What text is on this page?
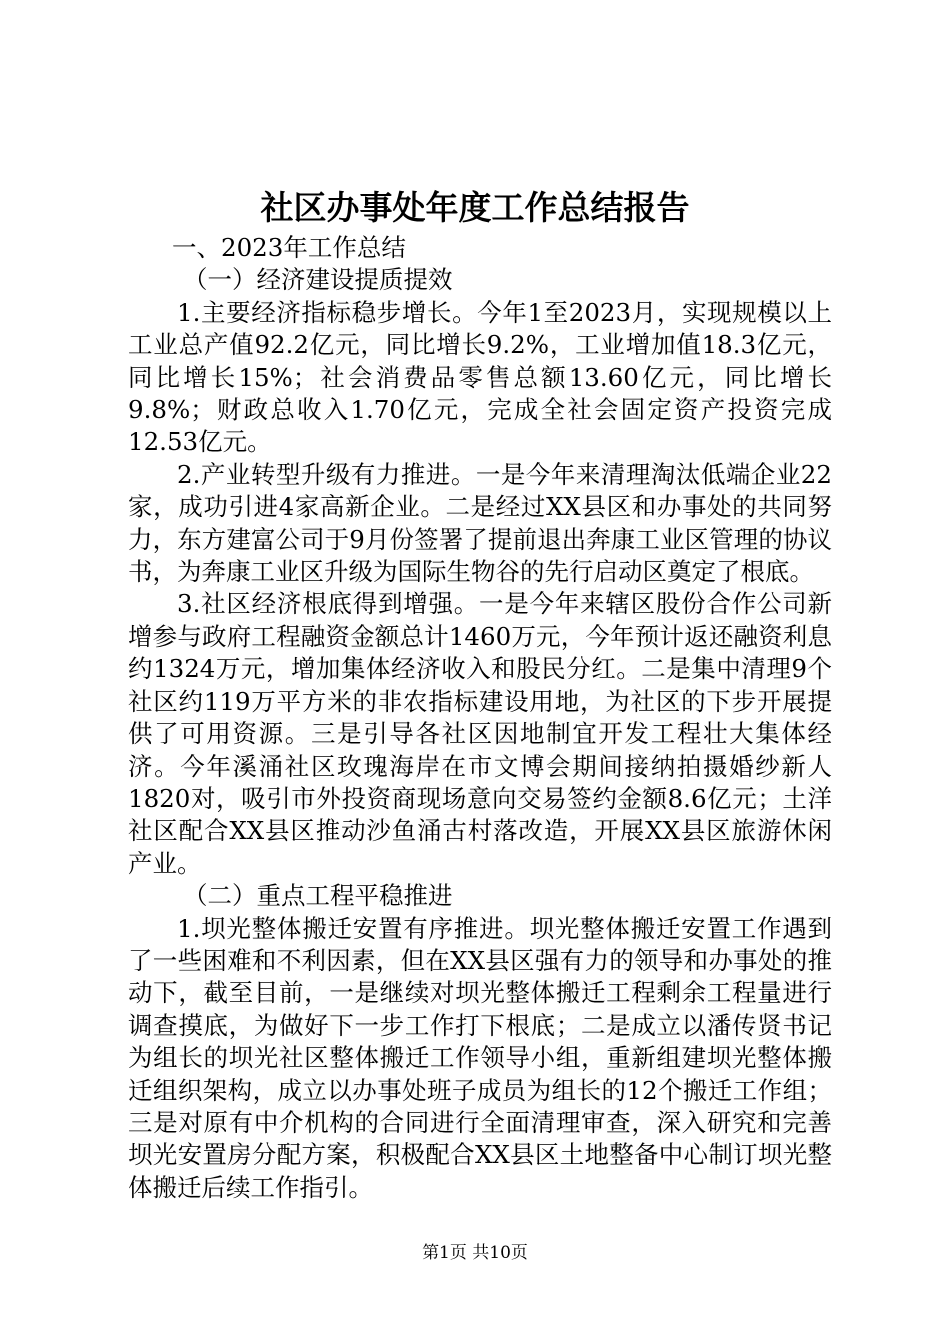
社区办事处年度工作总结报告

一、2023年工作总结

（一）经济建设提质提效

1.主要经济指标稳步增长。今年1至2023月，实现规模以上工业总产值92.2亿元，同比增长9.2%，工业增加值18.3亿元，同比增长15%；社会消费品零售总额13.60亿元，同比增长9.8%；财政总收入1.70亿元，完成全社会固定资产投资完成12.53亿元。

2.产业转型升级有力推进。一是今年来清理淘汰低端企业22家，成功引进4家高新企业。二是经过XX县区和办事处的共同努力，东方建富公司于9月份签署了提前退出奔康工业区管理的协议书，为奔康工业区升级为国际生物谷的先行启动区奠定了根底。

3.社区经济根底得到增强。一是今年来辖区股份合作公司新增参与政府工程融资金额总计1460万元，今年预计返还融资利息约1324万元，增加集体经济收入和股民分红。二是集中清理9个社区约119万平方米的非农指标建设用地，为社区的下步开展提供了可用资源。三是引导各社区因地制宜开发工程壮大集体经济。今年溪涌社区玫瑰海岸在市文博会期间接纳拍摄婚纱新人1820对，吸引市外投资商现场意向交易签约金额8.6亿元；土洋社区配合XX县区推动沙鱼涌古村落改造，开展XX县区旅游休闲产业。

（二）重点工程平稳推进

1.坝光整体搬迁安置有序推进。坝光整体搬迁安置工作遇到了一些困难和不利因素，但在XX县区强有力的领导和办事处的推动下，截至目前，一是继续对坝光整体搬迁工程剩余工程量进行调查摸底，为做好下一步工作打下根底；二是成立以潘传贤书记为组长的坝光社区整体搬迁工作领导小组，重新组建坝光整体搬迁组织架构，成立以办事处班子成员为组长的12个搬迁工作组；三是对原有中介机构的合同进行全面清理审查，深入研究和完善坝光安置房分配方案，积极配合XX县区土地整备中心制订坝光整体搬迁后续工作指引。

第1页 共10页
